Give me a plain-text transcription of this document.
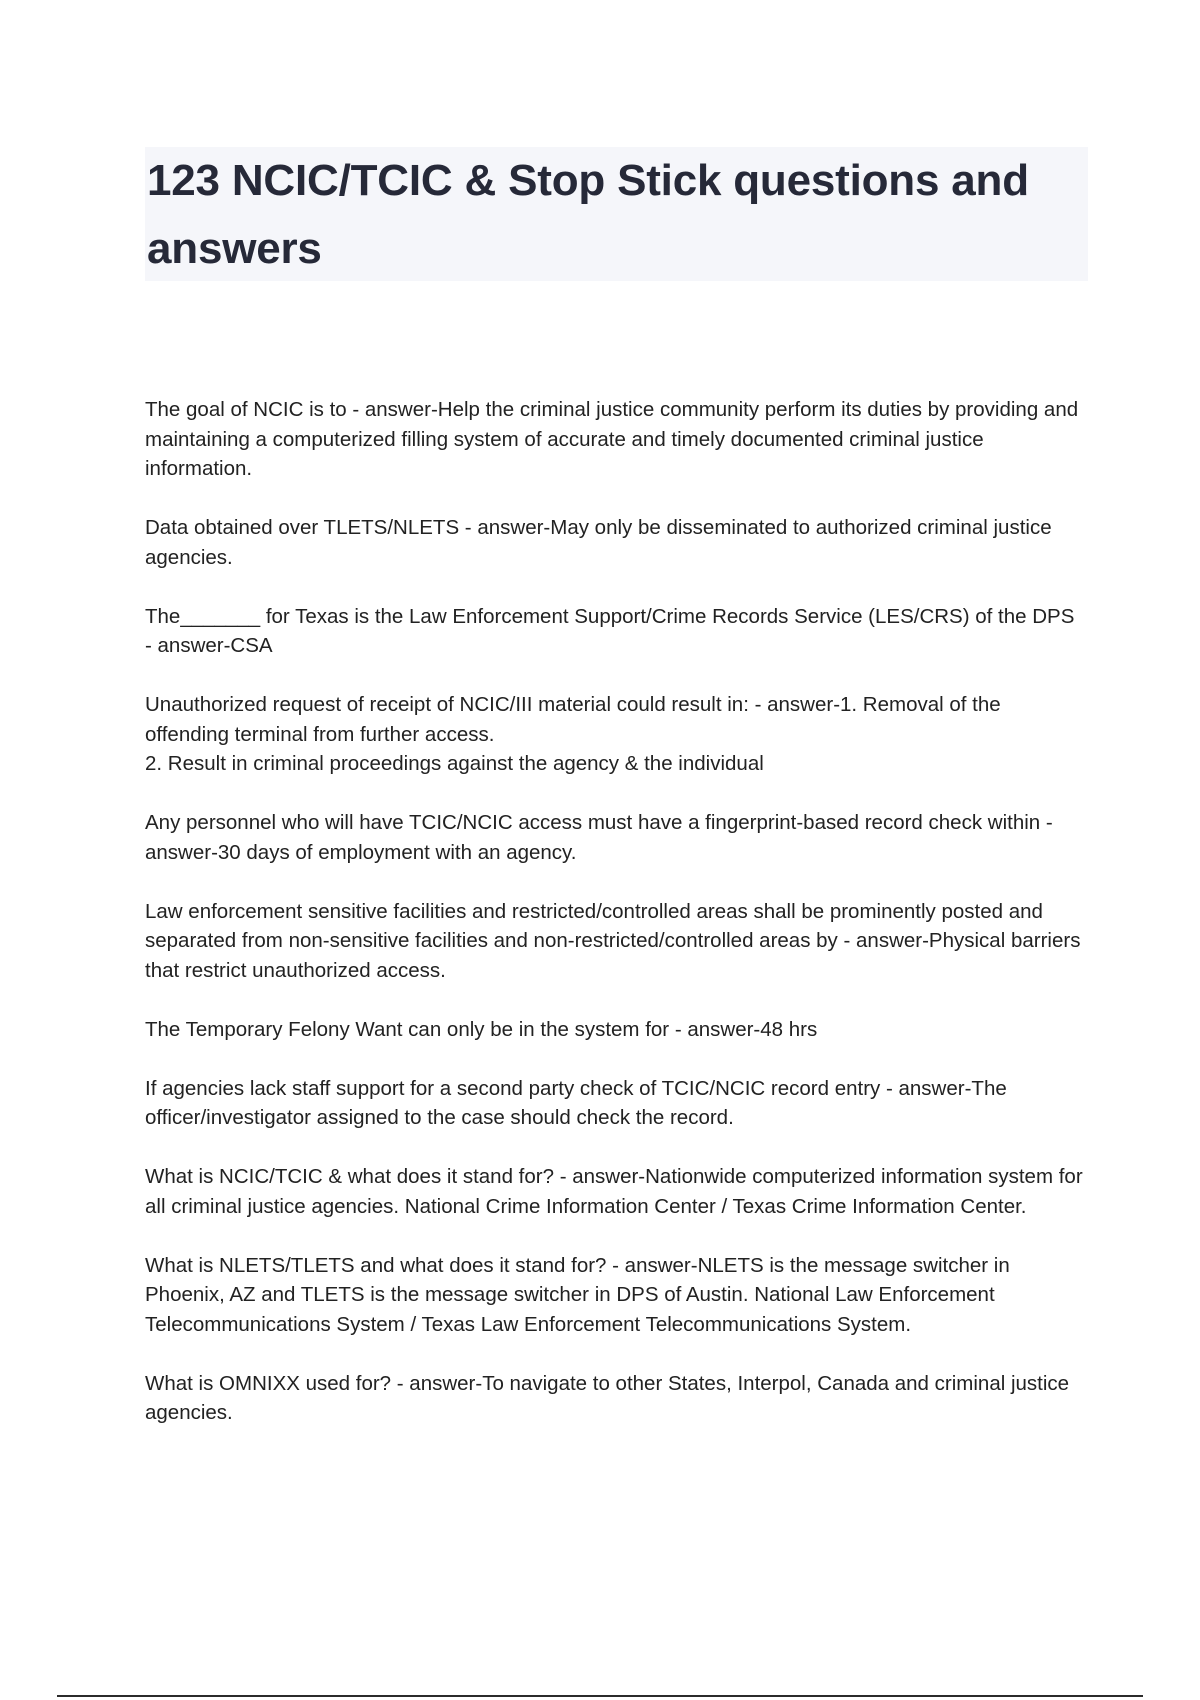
123 NCIC/TCIC & Stop Stick questions and answers

The goal of NCIC is to - answer-Help the criminal justice community perform its duties by providing and maintaining a computerized filling system of accurate and timely documented criminal justice information.

Data obtained over TLETS/NLETS - answer-May only be disseminated to authorized criminal justice agencies.

The_______ for Texas is the Law Enforcement Support/Crime Records Service (LES/CRS) of the DPS - answer-CSA

Unauthorized request of receipt of NCIC/III material could result in: - answer-1. Removal of the offending terminal from further access.
2. Result in criminal proceedings against the agency & the individual

Any personnel who will have TCIC/NCIC access must have a fingerprint-based record check within - answer-30 days of employment with an agency.

Law enforcement sensitive facilities and restricted/controlled areas shall be prominently posted and separated from non-sensitive facilities and non-restricted/controlled areas by - answer-Physical barriers that restrict unauthorized access.

The Temporary Felony Want can only be in the system for - answer-48 hrs

If agencies lack staff support for a second party check of TCIC/NCIC record entry - answer-The officer/investigator assigned to the case should check the record.

What is NCIC/TCIC & what does it stand for? - answer-Nationwide computerized information system for all criminal justice agencies. National Crime Information Center / Texas Crime Information Center.

What is NLETS/TLETS and what does it stand for? - answer-NLETS is the message switcher in Phoenix, AZ and TLETS is the message switcher in DPS of Austin. National Law Enforcement Telecommunications System / Texas Law Enforcement Telecommunications System.

What is OMNIXX used for? - answer-To navigate to other States, Interpol, Canada and criminal justice agencies.
